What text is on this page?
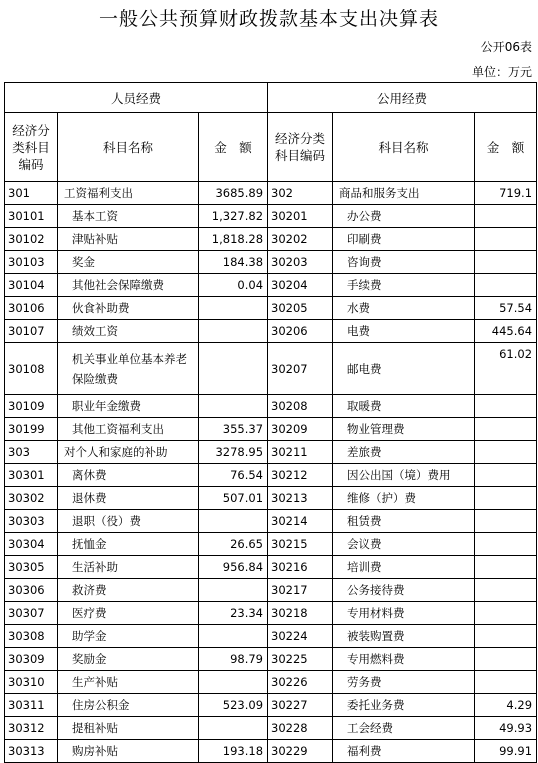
一般公共预算财政拨款基本支出决算表
公开06表
单位：万元
人员经费			公用经费		
经济分类科目编码	科目名称	金　额	经济分类科目编码	科目名称	金　额
301	工资福利支出	3685.89	302	商品和服务支出	719.1
30101	基本工资	1,327.82	30201	办公费	
30102	津贴补贴	1,818.28	30202	印刷费	
30103	奖金	184.38	30203	咨询费	
30104	其他社会保障缴费	0.04	30204	手续费	
30106	伙食补助费		30205	水费	57.54
30107	绩效工资		30206	电费	445.64
30108	机关事业单位基本养老保险缴费		30207	邮电费	61.02
30109	职业年金缴费		30208	取暖费	
30199	其他工资福利支出	355.37	30209	物业管理费	
303	对个人和家庭的补助	3278.95	30211	差旅费	
30301	离休费	76.54	30212	因公出国（境）费用	
30302	退休费	507.01	30213	维修（护）费	
30303	退职（役）费		30214	租赁费	
30304	抚恤金	26.65	30215	会议费	
30305	生活补助	956.84	30216	培训费	
30306	救济费		30217	公务接待费	
30307	医疗费	23.34	30218	专用材料费	
30308	助学金		30224	被装购置费	
30309	奖励金	98.79	30225	专用燃料费	
30310	生产补贴		30226	劳务费	
30311	住房公积金	523.09	30227	委托业务费	4.29
30312	提租补贴		30228	工会经费	49.93
30313	购房补贴	193.18	30229	福利费	99.91
